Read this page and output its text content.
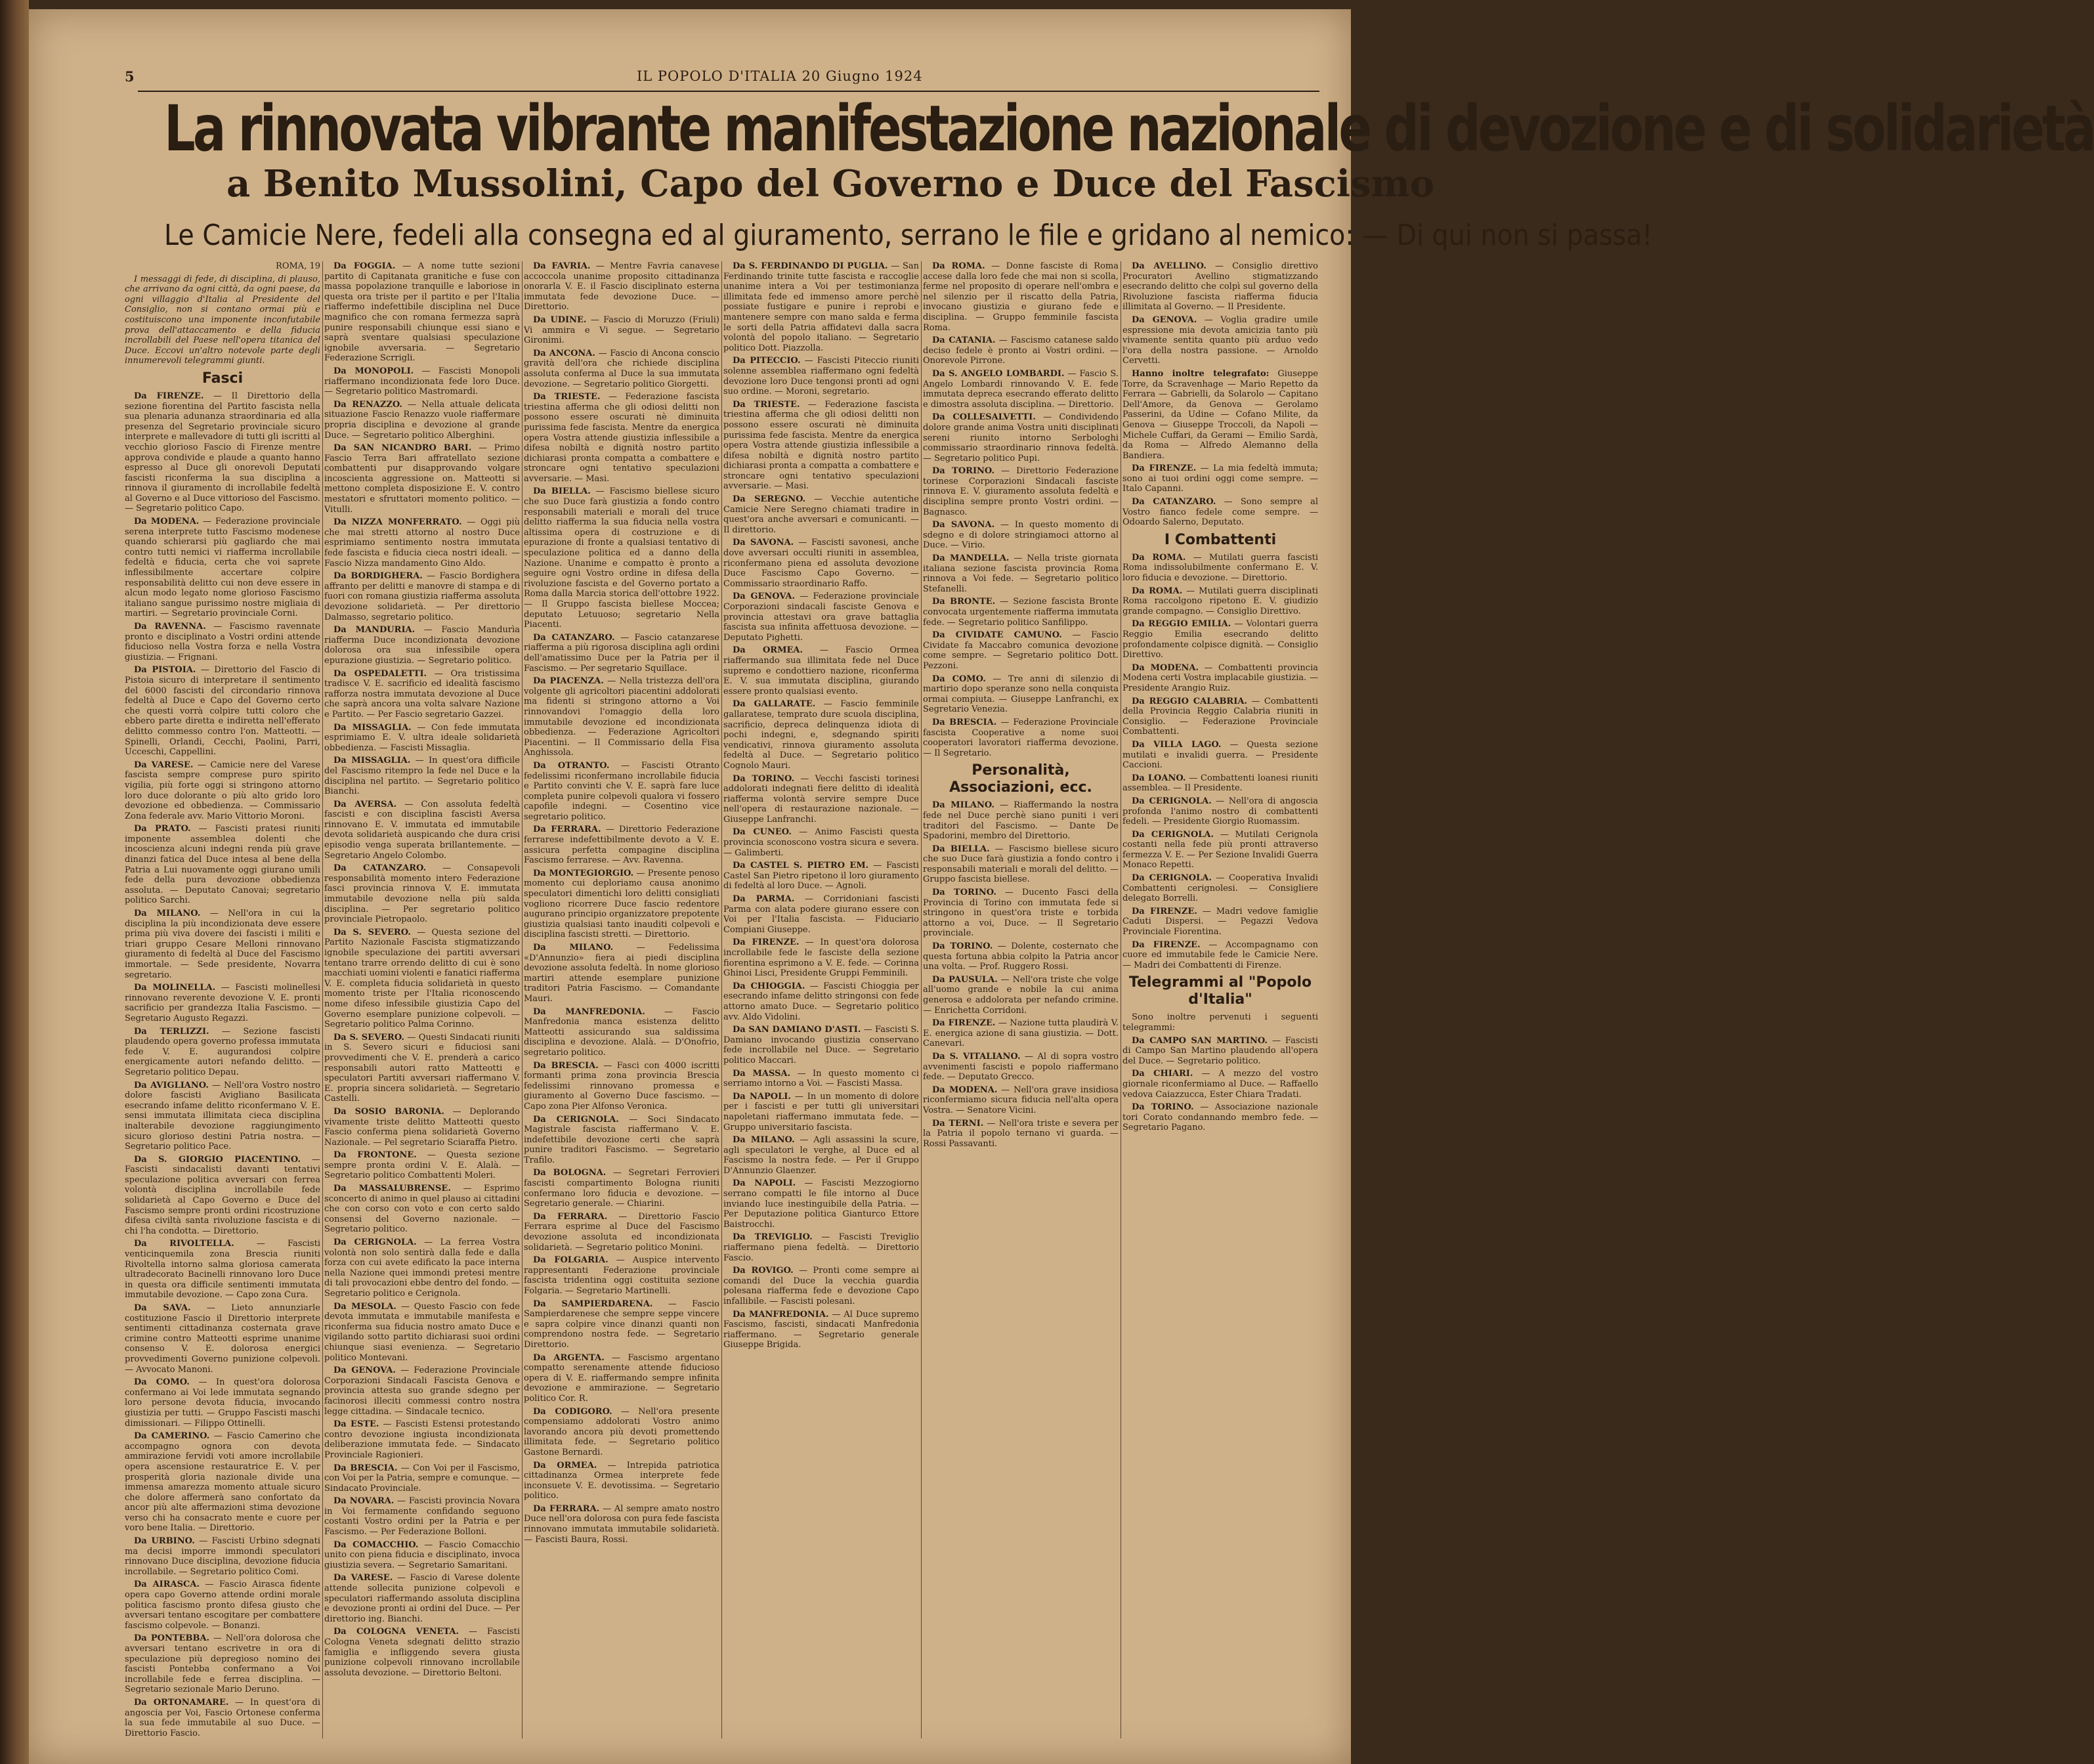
5	IL POPOLO D'ITALIA 20 Giugno 1924
La rinnovata vibrante manifestazione nazionale di devozione e di solidarietà
a Benito Mussolini, Capo del Governo e Duce del Fascismo
Le Camicie Nere, fedeli alla consegna ed al giuramento, serrano le file e gridano al nemico: — Di qui non si passa!
ROMA, 19

I messaggi di fede, di disciplina, di plauso, che arrivano da ogni città, da ogni paese, da ogni villaggio d'Italia al Presidente del Consiglio, non si contano ormai più e costituiscono una imponente inconfutabile prova dell'attaccamento e della fiducia incrollabili del Paese nell'opera titanica del Duce. Eccovi un'altro notevole parte degli innumerevoli telegrammi giunti.

Fasci

Da FIRENZE. — Il Direttorio della sezione fiorentina del Partito fascista nella sua plenaria adunanza straordinaria ed alla presenza del Segretario provinciale sicuro interprete e mallevadore di tutti gli iscritti al vecchio glorioso Fascio di Firenze mentre approva condivide e plaude a quanto hanno espresso al Duce gli onorevoli Deputati fascisti riconferma la sua disciplina a rinnova il giuramento di incrollabile fedeltà al Governo e al Duce vittorioso del Fascismo. — Segretario politico Capo.

Da MODENA. — Federazione provinciale serena interprete tutto Fascismo modenese quando schierarsi più gagliardo che mai contro tutti nemici vi riafferma incrollabile fedeltà e fiducia, certa che voi saprete inflessibilmente accertare colpire responsabilità delitto cui non deve essere in alcun modo legato nome glorioso Fascismo italiano sangue purissimo nostre migliaia di martiri. — Segretario provinciale Corni.

Da RAVENNA. — Fascismo ravennate pronto e disciplinato a Vostri ordini attende fiducioso nella Vostra forza e nella Vostra giustizia. — Frignani.

Da PISTOIA. — Direttorio del Fascio di Pistoia sicuro di interpretare il sentimento del 6000 fascisti del circondario rinnova fedeltà al Duce e Capo del Governo certo che questi vorrà colpire tutti coloro che ebbero parte diretta e indiretta nell'efferato delitto commesso contro l'on. Matteotti. — Spinelli, Orlandi, Cecchi, Paolini, Parri, Ucceschi, Cappellini.

Da VARESE. — Camicie nere del Varese fascista sempre comprese puro spirito vigilia, più forte oggi si stringono attorno loro duce dolorante o più alto grido loro devozione ed obbedienza. — Commissario Zona federale avv. Mario Vittorio Moroni.

Da PRATO. — Fascisti pratesi riuniti imponente assemblea dolenti che incoscienza alcuni indegni renda più grave dinanzi fatica del Duce intesa al bene della Patria a Lui nuovamente oggi giurano umili fede della pura devozione obbedienza assoluta. — Deputato Canovai; segretario politico Sarchi.

Da MILANO. — Nell'ora in cui la disciplina la più incondizionata deve essere prima più viva dovere dei fascisti i militi e triari gruppo Cesare Melloni rinnovano giuramento di fedeltà al Duce del Fascismo immortale. — Sede presidente, Novarra segretario.

Da MOLINELLA. — Fascisti molinellesi rinnovano reverente devozione V. E. pronti sacrificio per grandezza Italia Fascismo. — Segretario Augusto Regazzi.

Da TERLIZZI. — Sezione fascisti plaudendo opera governo professa immutata fede V. E. augurandosi colpire energicamente autori nefando delitto. — Segretario politico Depau.

Da AVIGLIANO. — Nell'ora Vostro nostro dolore fascisti Avigliano Basilicata esecrando infame delitto riconfermano V. E. sensi immutata illimitata cieca disciplina inalterabile devozione raggiungimento sicuro glorioso destini Patria nostra. — Segretario politico Pace.

Da S. GIORGIO PIACENTINO. — Fascisti sindacalisti davanti tentativi speculazione politica avversari con ferrea volontà disciplina incrollabile fede solidarietà al Capo Governo e Duce del Fascismo sempre pronti ordini ricostruzione difesa civiltà santa rivoluzione fascista e di chi l'ha condotta. — Direttorio.

Da RIVOLTELLA.	— Fascisti venticinquemila zona Brescia riuniti Rivoltella intorno salma gloriosa camerata ultradecorato Bacinelli rinnovano loro Duce in questa ora difficile sentimenti immutata immutabile devozione. — Capo zona Cura.

Da SAVA. — Lieto annunziarle costituzione Fascio il Direttorio interprete sentimenti cittadinanza costernata grave crimine contro Matteotti esprime unanime consenso V. E. dolorosa energici provvedimenti Governo punizione colpevoli. — Avvocato Manoni.

Da COMO. — In quest'ora dolorosa confermano ai Voi lede immutata segnando loro persone devota fiducia, invocando giustizia per tutti. — Gruppo Fascisti maschi dimissionari. — Filippo Ottinelli.

Da CAMERINO. — Fascio Camerino che accompagno ognora con devota ammirazione fervidi voti amore incrollabile opera ascensione restauratrice E. V. per prosperità gloria nazionale divide una immensa amarezza momento attuale sicuro che dolore affermerà sano confortato da ancor più alte affermazioni stima devozione verso chi ha consacrato mente e cuore per voro bene Italia. — Direttorio.

Da URBINO. — Fascisti Urbino sdegnati ma decisi imporre immondi speculatori rinnovano Duce disciplina, devozione fiducia incrollabile. — Segretario politico Comi.

Da AIRASCA. — Fascio Airasca fidente opera capo Governo attende ordini morale politica fascismo pronto difesa giusto che avversari tentano escogitare per combattere fascismo colpevole. — Bonanzi.

Da PONTEBBA. — Nell'ora dolorosa che avversari tentano escrivetre in ora di speculazione più depregioso nomino dei fascisti Pontebba confermano a Voi incrollabile fede e ferrea disciplina. — Segretario sezionale Mario Deruno.

Da ORTONAMARE. — In quest'ora di angoscia per Voi, Fascio Ortonese conferma la sua fede immutabile al suo Duce. — Direttorio Fascio.

Da FOGGIA. — A nome tutte sezioni partito di Capitanata granitiche e fuse con massa popolazione tranquille e laboriose in questa ora triste per il partito e per l'Italia riaffermo indefettibile disciplina nel Duce magnifico che con romana fermezza saprà punire responsabili chiunque essi siano e saprà sventare qualsiasi speculazione ignobile avversaria. — Segretario Federazione Scrrigli.

Da MONOPOLI. — Fascisti Monopoli riaffermano incondizionata fede loro Duce. — Segretario politico Mastromardi.

Da RENAZZO. — Nella attuale delicata situazione Fascio Renazzo vuole riaffermare propria disciplina e devozione al grande Duce. — Segretario politico Alberghini.

Da SAN NICANDRO BARI. — Primo Fascio Terra Bari affratellato sezione combattenti pur disapprovando volgare incoscienta aggressione on. Matteotti si mettono completa disposizione E. V. contro mestatori e sfruttatori momento politico. — Vitulli.

Da NIZZA MONFERRATO. — Oggi più che mai stretti attorno al nostro Duce esprimiamo sentimento nostra immutata fede fascista e fiducia cieca nostri ideali. — Fascio Nizza mandamento Gino Aldo.

Da BORDIGHERA. — Fascio Bordighera affranto per delitti e manovre di stampa e di fuori con romana giustizia riafferma assoluta devozione solidarietà. — Per direttorio Dalmasso, segretario politico.

Da MANDURIA. — Fascio Mandurìa riafferma Duce incondizionata devozione dolorosa ora sua infessibile opera epurazione giustizia. — Segretario politico.

Da OSPEDALETTI. — Ora tristissima tradisce V. E. sacrificio ed idealità fascismo rafforza nostra immutata devozione al Duce che saprà ancora una volta salvare Nazione e Partito. — Per Fascio segretario Gazzei.

Da MISSAGLIA. — Con fede immutata esprimiamo E. V. ultra ideale solidarietà obbedienza. — Fascisti Missaglia.

Da MISSAGLIA. — In quest'ora difficile del Fascismo ritempro la fede nel Duce e la disciplina nel partito. — Segretario politico Bianchi.

Da AVERSA. — Con assoluta fedeltà fascisti e con disciplina fascisti Aversa rinnovano E. V. immutata ed immutabile devota solidarietà auspicando che dura crisi episodio venga superata brillantemente. — Segretario Angelo Colombo.

Da CATANZARO. — Consapevoli responsabilità momento intero Federazione fasci provincia rinnova V. E. immutata immutabile devozione nella più salda disciplina. — Per segretario politico provinciale Pietropaolo.

Da S. SEVERO. — Questa sezione del Partito Nazionale Fascista stigmatizzando ignobile speculazione dei partiti avversari tentano trarre orrendo delitto di cui è sono macchiati uomini violenti e fanatici riafferma V. E. completa fiducia solidarietà in questo momento triste per l'Italia riconoscendo nome difeso infessibile giustizia Capo del Governo esemplare punizione colpevoli. — Segretario politico Palma Corinno.

Da S. SEVERO. — Questi Sindacati riuniti in S. Severo sicuri e fiduciosi sani provvedimenti che V. E. prenderà a carico responsabili autori ratto Matteotti e speculatori Partiti avversari riaffermano V. E. propria sincera solidarietà. — Segretario Castelli.

Da SOSIO BARONIA. — Deplorando vivamente triste delitto Matteotti questo Fascio conferma piena solidarietà Governo Nazionale. — Pel segretario Sciaraffa Pietro.

Da FRONTONE. — Questa sezione sempre pronta ordini V. E. Alalà. — Segretario politico Combattenti Moleri.

Da MASSALUBRENSE. — Esprimo sconcerto di animo in quel plauso ai cittadini che con corso con voto e con certo saldo consensi del Governo nazionale. — Segretario politico.

Da CERIGNOLA. — La ferrea Vostra volontà non solo sentirà dalla fede e dalla forza con cui avete edificato la pace interna nella Nazione quei immondi pretesi mentre di tali provocazioni ebbe dentro del fondo. — Segretario politico e Cerignola.

Da MESOLA. — Questo Fascio con fede devota immutata e immutabile manifesta e riconferma sua fiducia nostro amato Duce e vigilando sotto partito dichiarasi suoi ordini chiunque siasi evenienza. — Segretario politico Montevani.

Da GENOVA. — Federazione Provinciale Corporazioni Sindacali Fascista Genova e provincia attesta suo grande sdegno per facinorosi illeciti commessi contro nostra legge cittadina. — Sindacale tecnico.

Da ESTE. — Fascisti Estensi protestando contro devozione ingiusta incondizionata deliberazione immutata fede. — Sindacato Provinciale Ragionieri.

Da BRESCIA. — Con Voi per il Fascismo, con Voi per la Patria, sempre e comunque. — Sindacato Provinciale.

Da NOVARA. — Fascisti provincia Novara in Voi fermamente confidando seguono costanti Vostro ordini per la Patria e per Fascismo. — Per Federazione Bolloni.

Da COMACCHIO. — Fascio Comacchio unito con piena fiducia e disciplinato, invoca giustizia severa. — Segretario Samaritani.

Da VARESE. — Fascio di Varese dolente attende sollecita punizione colpevoli e speculatori riaffermando assoluta disciplina e devozione pronti ai ordini del Duce. — Per direttorio ing. Bianchi.

Da COLOGNA VENETA. — Fascisti Cologna Veneta sdegnati delitto strazio famiglia e infliggendo severa giusta punizione colpevoli rinnovano incrollabile assoluta devozione. — Direttorio Beltoni.

Da FAVRIA. — Mentre Favria canavese accoccola unanime proposito cittadinanza onorarla V. E. il Fascio disciplinato esterna immutata fede devozione Duce. — Direttorio.

Da UDINE. — Fascio di Moruzzo (Friuli) Vi ammira e Vi segue. — Segretario Gironimi.

Da ANCONA. — Fascio di Ancona conscio gravità dell'ora che richiede disciplina assoluta conferma al Duce la sua immutata devozione. — Segretario politico Giorgetti.

Da TRIESTE. — Federazione fascista triestina afferma che gli odiosi delitti non possono essere oscurati nè diminuita purissima fede fascista. Mentre da energica opera Vostra attende giustizia inflessibile a difesa nobiltà e dignità nostro partito dichiarasi pronta compatta a combattere e stroncare ogni tentativo speculazioni avversarie. — Masi.

Da BIELLA. — Fascismo biellese sicuro che suo Duce farà giustizia a fondo contro responsabili materiali e morali del truce delitto riafferma la sua fiducia nella vostra altissima opera di costruzione e di epurazione di fronte a qualsiasi tentativo di speculazione politica ed a danno della Nazione. Unanime e compatto è pronto a seguire ogni Vostro ordine in difesa della rivoluzione fascista e del Governo portato a Roma dalla Marcia storica dell'ottobre 1922. — Il Gruppo fascista biellese Moccea; deputato Letuuoso; segretario Nella Piacenti.

Da CATANZARO. — Fascio catanzarese riafferma a più rigorosa disciplina agli ordini dell'amatissimo Duce per la Patria per il Fascismo. — Per segretario Squillace.

Da PIACENZA. — Nella tristezza dell'ora volgente gli agricoltori piacentini addolorati ma fidenti si stringono attorno a Voi rinnovandovi l'omaggio della loro immutabile devozione ed incondizionata obbedienza. — Federazione Agricoltori Piacentini. — Il Commissario della Fisa Anghissola.

Da OTRANTO. — Fascisti Otranto fedelissimi riconfermano incrollabile fiducia e Partito convinti che V. E. saprà fare luce completa punire colpevoli qualora vi fossero capofile indegni. — Cosentino vice segretario politico.

Da FERRARA. — Direttorio Federazione ferrarese indefettibilmente devoto a V. E. assicura perfetta compagine disciplina Fascismo ferrarese. — Avv. Ravenna.

Da MONTEGIORGIO. — Presente penoso momento cui deploriamo causa anonimo speculatori dimentichi loro delitti consigliati vogliono ricorrere Duce fascio redentore augurano principio organizzatore prepotente giustizia qualsiasi tanto inauditi colpevoli e disciplina fascisti stretti. — Direttorio.

Da MILANO.	— Fedelissima «D'Annunzio» fiera ai piedi disciplina devozione assoluta fedeltà. In nome glorioso martiri attende esemplare punizione traditori Patria Fascismo. — Comandante Mauri.

Da MANFREDONIA. — Fascio Manfredonia manca esistenza delitto Matteotti assicurando sua saldissima disciplina e devozione. Alalà. — D'Onofrio, segretario politico.

Da BRESCIA. — Fasci con 4000 iscritti formanti prima zona provincia Brescia fedelissimi rinnovano promessa e giuramento al Governo Duce fascismo. — Capo zona Pier Alfonso Veronica.

Da CERIGNOLA. — Soci Sindacato Magistrale fascista riaffermano V. E. indefettibile devozione certi che saprà punire traditori Fascismo. — Segretario Trafilo.

Da BOLOGNA. — Segretari Ferrovieri fascisti compartimento Bologna riuniti confermano loro fiducia e devozione. — Segretario generale. — Chiarini.

Da FERRARA. — Direttorio Fascio Ferrara esprime al Duce del Fascismo devozione assoluta ed incondizionata solidarietà. — Segretario politico Monini.

Da FOLGARIA. — Auspice intervento rappresentanti Federazione provinciale fascista tridentina oggi costituita sezione Folgaria. — Segretario Martinelli.

Da SAMPIERDARENA. — Fascio Sampierdarenese che sempre seppe vincere e sapra colpire vince dinanzi quanti non comprendono nostra fede. — Segretario Direttorio.

Da ARGENTA. — Fascismo argentano compatto serenamente attende fiducioso opera di V. E. riaffermando sempre infinita devozione e ammirazione. — Segretario politico Cor. R.

Da CODIGORO. — Nell'ora presente compensiamo addolorati Vostro animo lavorando ancora più devoti promettendo illimitata fede. — Segretario politico Gastone Bernardi.

Da ORMEA. — Intrepida patriotica cittadinanza Ormea interprete fede inconsuete V. E. devotissima. — Segretario politico.

Da FERRARA. — Al sempre amato nostro Duce nell'ora dolorosa con pura fede fascista rinnovano immutata immutabile solidarietà. — Fascisti Baura, Rossi.

Da S. FERDINANDO DI PUGLIA. — San Ferdinando trinite tutte fascista e raccoglie unanime intera a Voi per testimonianza illimitata fede ed immenso amore perchè possiate fustigare e punire i reprobi e mantenere sempre con mano salda e ferma le sorti della Patria affidatevi dalla sacra volontà del popolo italiano. — Segretario politico Dott. Piazzolla.

Da PITECCIO. — Fascisti Piteccio riuniti solenne assemblea riaffermano ogni fedeltà devozione loro Duce tengonsi pronti ad ogni suo ordine. — Moroni, segretario.

Da TRIESTE. — Federazione fascista triestina afferma che gli odiosi delitti non possono essere oscurati nè diminuita purissima fede fascista. Mentre da energica opera Vostra attende giustizia inflessibile a difesa nobiltà e dignità nostro partito dichiarasi pronta a compatta a combattere e stroncare ogni tentativo speculazioni avversarie. — Masi.

Da SEREGNO. — Vecchie autentiche Camicie Nere Seregno chiamati tradire in quest'ora anche avversari e comunicanti. — Il direttorio.

Da SAVONA. — Fascisti savonesi, anche dove avversari occulti riuniti in assemblea, riconfermano piena ed assoluta devozione Duce Fascismo Capo Governo. — Commissario straordinario Raffo.

Da GENOVA. — Federazione provinciale Corporazioni sindacali fasciste Genova e provincia attestavi ora grave battaglia fascista sua infinita affettuosa devozione. — Deputato Pighetti.

Da ORMEA. — Fascio Ormea riaffermando sua illimitata fede nel Duce supremo e condottiero nazione, riconferma E. V. sua immutata disciplina, giurando essere pronto qualsiasi evento.

Da GALLARATE. — Fascio femminile gallaratese, temprato dure scuola disciplina, sacrificio, depreca delinquenza idiota di pochi indegni, e, sdegnando spiriti vendicativi, rinnova giuramento assoluta fedeltà al Duce. — Segretario politico Cognolo Mauri.

Da TORINO. — Vecchi fascisti torinesi addolorati indegnati fiere delitto di idealità riafferma volontà servire sempre Duce nell'opera di restaurazione nazionale. — Giuseppe Lanfranchi.

Da CUNEO. — Animo Fascisti questa provincia sconoscono vostra sicura e severa. — Galimberti.

Da CASTEL S. PIETRO EM. — Fascisti Castel San Pietro ripetono il loro giuramento di fedeltà al loro Duce. — Agnoli.

Da PARMA. — Corridoniani fascisti Parma con alata podere giurano essere con Voi per l'Italia fascista. — Fiduciario Compiani Giuseppe.

Da FIRENZE. — In quest'ora dolorosa incrollabile fede le fasciste della sezione fiorentina esprimono a V. E. fede. — Corinna Ghinoi Lisci, Presidente Gruppi Femminili.

Da CHIOGGIA. — Fascisti Chioggia per esecrando infame delitto stringonsi con fede attorno amato Duce. — Segretario politico avv. Aldo Vidolini.

Da SAN DAMIANO D'ASTI. — Fascisti S. Damiano invocando giustizia conservano fede incrollabile nel Duce. — Segretario politico Maccari.

Da MASSA. — In questo momento ci serriamo intorno a Voi. — Fascisti Massa.

Da NAPOLI. — In un momento di dolore per i fascisti e per tutti gli universitari napoletani riaffermano immutata fede. — Gruppo universitario fascista.

Da MILANO. — Agli assassini la scure, agli speculatori le verghe, al Duce ed al Fascismo la nostra fede. — Per il Gruppo D'Annunzio Glaenzer.

Da NAPOLI. — Fascisti Mezzogiorno serrano compatti le file intorno al Duce inviando luce inestinguibile della Patria. — Per Deputazione politica Gianturco Ettore Baistrocchi.

Da TREVIGLIO. — Fascisti Treviglio riaffermano piena fedeltà. — Direttorio Fascio.

Da ROVIGO. — Pronti come sempre ai comandi del Duce la vecchia guardia polesana riafferma fede e devozione Capo infallibile. — Fascisti polesani.

Da MANFREDONIA. — Al Duce supremo Fascismo, fascisti, sindacati Manfredonia riaffermano. — Segretario generale Giuseppe Brigida.

Da ROMA. — Donne fasciste di Roma accese dalla loro fede che mai non si scolla, ferme nel proposito di operare nell'ombra e nel silenzio per il riscatto della Patria, invocano giustizia e giurano fede e disciplina. — Gruppo femminile fascista Roma.

Da CATANIA. — Fascismo catanese saldo deciso fedele è pronto ai Vostri ordini. — Onorevole Pirrone.

Da S. ANGELO LOMBARDI. — Fascio S. Angelo Lombardi rinnovando V. E. fede immutata depreca esecrando efferato delitto e dimostra assoluta disciplina. — Direttorio.

Da COLLESALVETTI. — Condividendo dolore grande anima Vostra uniti disciplinati sereni riunito intorno Serbologhi commissario straordinario rinnova fedeltà. — Segretario politico Pupi.

Da TORINO. — Direttorio Federazione torinese Corporazioni Sindacali fasciste rinnova E. V. giuramento assoluta fedeltà e disciplina sempre pronto Vostri ordini. — Bagnasco.

Da SAVONA. — In questo momento di sdegno e di dolore stringiamoci attorno al Duce. — Virio.

Da MANDELLA. — Nella triste giornata italiana sezione fascista provincia Roma rinnova a Voi fede. — Segretario politico Stefanelli.

Da BRONTE. — Sezione fascista Bronte convocata urgentemente riafferma immutata fede. — Segretario politico Sanfilippo.

Da CIVIDATE CAMUNO. — Fascio Cividate fa Maccabro comunica devozione come sempre. — Segretario politico Dott. Pezzoni.

Da COMO. — Tre anni di silenzio di martirio dopo speranze sono nella conquista ormai compiuta. — Giuseppe Lanfranchi, ex Segretario Venezia.

Da BRESCIA. — Federazione Provinciale fascista Cooperative a nome suoi cooperatori lavoratori riafferma devozione. — Il Segretario.

Personalità, Associazioni, ecc.

Da MILANO. — Riaffermando la nostra fede nel Duce perchè siano puniti i veri traditori del Fascismo. — Dante De Spadorini, membro del Direttorio.

Da BIELLA. — Fascismo biellese sicuro che suo Duce farà giustizia a fondo contro i responsabili materiali e morali del delitto. — Gruppo fascista biellese.

Da TORINO. — Ducento Fasci della Provincia di Torino con immutata fede si stringono in quest'ora triste e torbida attorno a voi, Duce. — Il Segretario provinciale.

Da TORINO. — Dolente, costernato che questa fortuna abbia colpito la Patria ancor una volta. — Prof. Ruggero Rossi.

Da PAUSULA. — Nell'ora triste che volge all'uomo grande e nobile la cui anima generosa e addolorata per nefando crimine. — Enrichetta Corridoni.

Da FIRENZE. — Nazione tutta plaudirà V. E. energica azione di sana giustizia. — Dott. Canevari.

Da S. VITALIANO. — Al di sopra vostro avvenimenti fascisti e popolo riaffermano fede. — Deputato Grecco.

Da MODENA. — Nell'ora grave insidiosa riconfermiamo sicura fiducia nell'alta opera Vostra. — Senatore Vicini.

Da TERNI. — Nell'ora triste e severa per la Patria il popolo ternano vi guarda. — Rossi Passavanti.

Da AVELLINO. — Consiglio direttivo Procuratori Avellino stigmatizzando esecrando delitto che colpì sul governo della Rivoluzione fascista riafferma fiducia illimitata al Governo. — Il Presidente.

Da GENOVA. — Voglia gradire umile espressione mia devota amicizia tanto più vivamente sentita quanto più arduo vedo l'ora della nostra passione. — Arnoldo Cervetti.

Hanno inoltre telegrafato: Giuseppe Torre, da Scravenhage — Mario Repetto da Ferrara — Gabrielli, da Solarolo — Capitano Dell'Amore, da Genova — Gerolamo Passerini, da Udine — Cofano Milite, da Genova — Giuseppe Troccoli, da Napoli — Michele Cuffari, da Gerami — Emilio Sardà, da Roma — Alfredo Alemanno della Bandiera.

Da FIRENZE. — La mia fedeltà immuta; sono ai tuoi ordini oggi come sempre. — Italo Capanni.

Da CATANZARO. — Sono sempre al Vostro fianco fedele come sempre. — Odoardo Salerno, Deputato.

I Combattenti

Da ROMA. — Mutilati guerra fascisti Roma indissolubilmente confermano E. V. loro fiducia e devozione. — Direttorio.

Da ROMA. — Mutilati guerra disciplinati Roma raccolgono ripetono E. V. giudizio grande compagno. — Consiglio Direttivo.

Da REGGIO EMILIA. — Volontari guerra Reggio Emilia esecrando delitto profondamente colpisce dignità. — Consiglio Direttivo.

Da MODENA. — Combattenti provincia Modena certi Vostra implacabile giustizia. — Presidente Arangio Ruiz.

Da REGGIO CALABRIA. — Combattenti della Provincia Reggio Calabria riuniti in Consiglio. — Federazione Provinciale Combattenti.

Da VILLA LAGO. — Questa sezione mutilati e invalidi guerra. — Presidente Caccioni.

Da LOANO. — Combattenti loanesi riuniti assemblea. — Il Presidente.

Da CERIGNOLA. — Nell'ora di angoscia profonda l'animo nostro di combattenti fedeli. — Presidente Giorgio Ruomassim.

Da CERIGNOLA. — Mutilati Cerignola costanti nella fede più pronti attraverso fermezza V. E. — Per Sezione Invalidi Guerra Monaco Repetti.

Da CERIGNOLA. — Cooperativa Invalidi Combattenti cerignolesi. — Consigliere delegato Borrelli.

Da FIRENZE. — Madri vedove famiglie Caduti Dispersi. — Pegazzi Vedova Provinciale Fiorentina.

Da FIRENZE. — Accompagnamo con cuore ed immutabile fede le Camicie Nere. — Madri dei Combattenti di Firenze.

Telegrammi al "Popolo d'Italia"

Sono inoltre pervenuti i seguenti telegrammi:

Da CAMPO SAN MARTINO. — Fascisti di Campo San Martino plaudendo all'opera del Duce. — Segretario politico.

Da CHIARI. — A mezzo del vostro giornale riconfermiamo al Duce. — Raffaello vedova Caiazzucca, Ester Chiara Tradati.

Da TORINO. — Associazione nazionale tori Corato condannando membro fede. — Segretario Pagano.
